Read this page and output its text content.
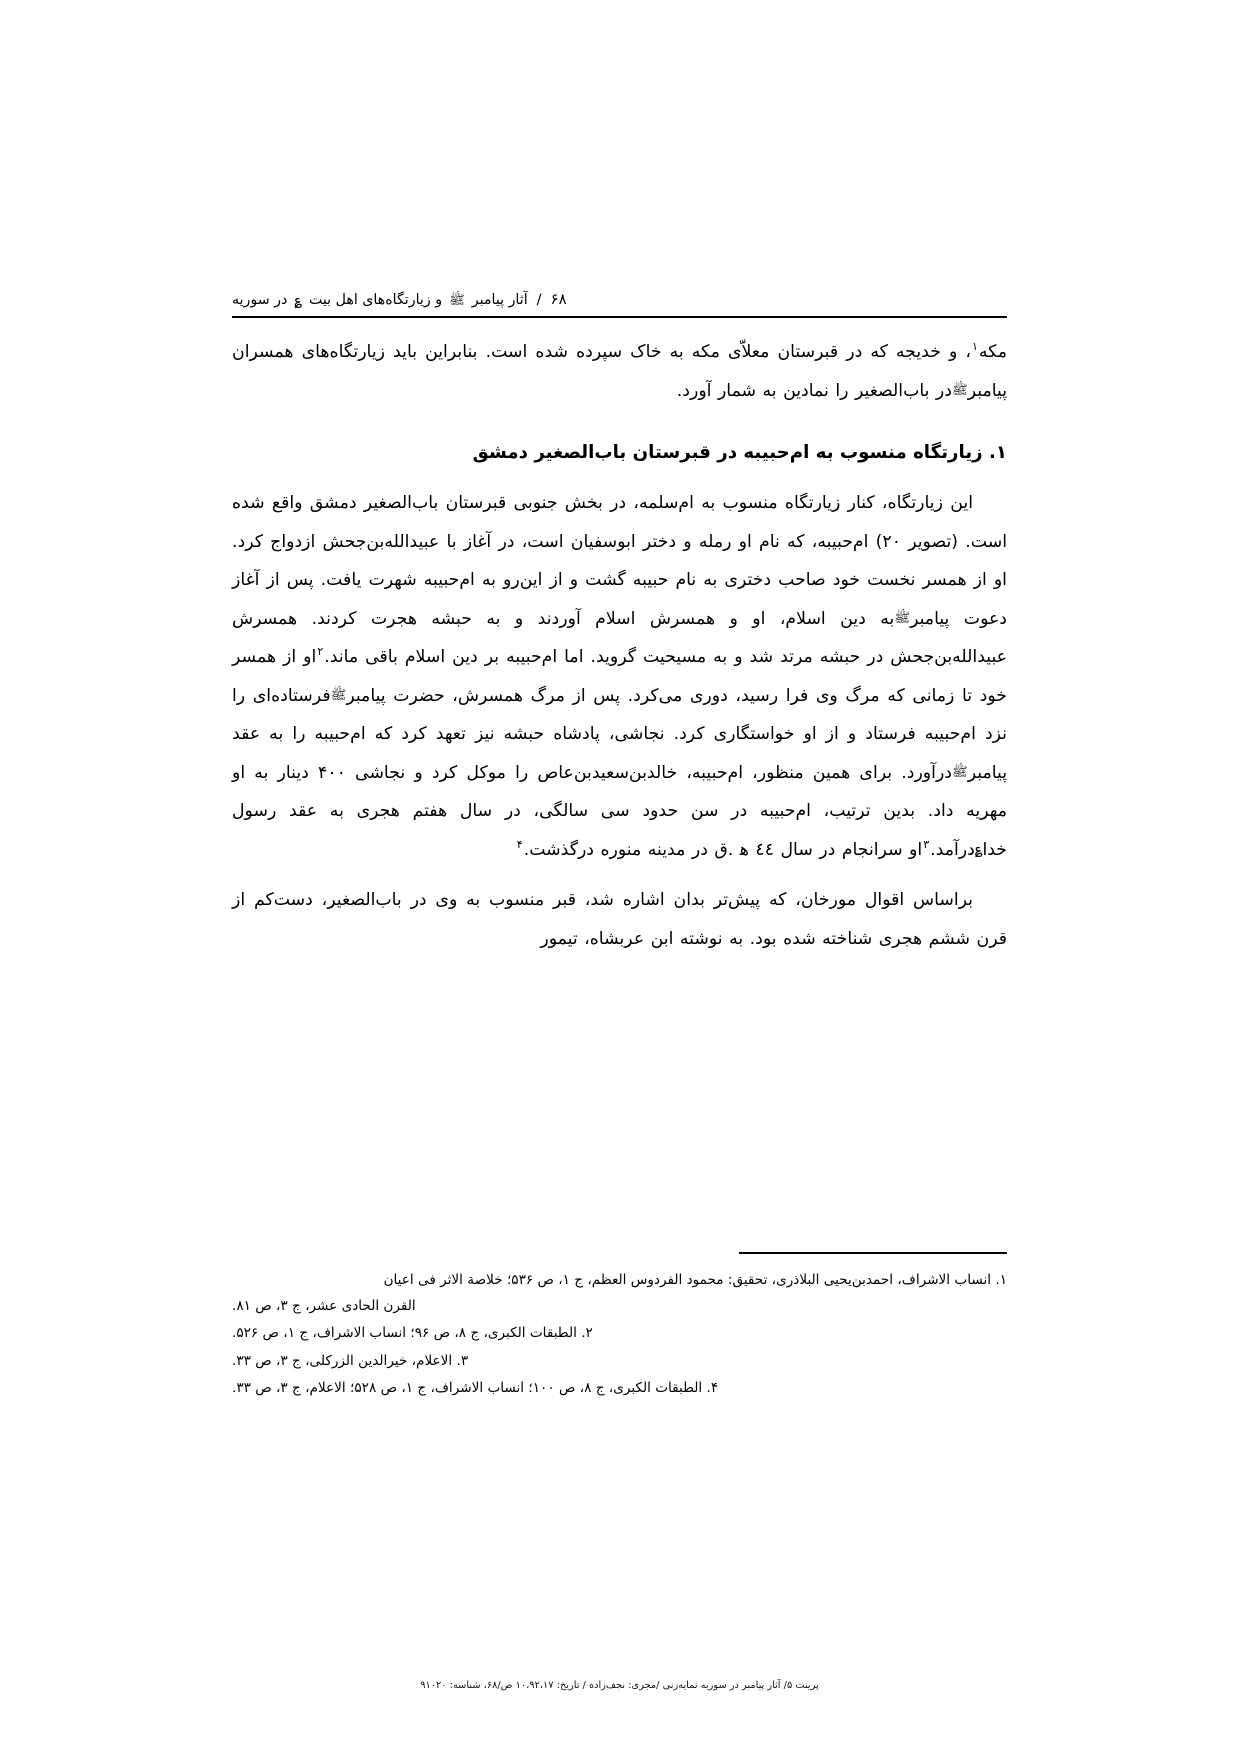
۶۸
/
آثار پیامبر
ﷺ
و زیارتگاه‌های اهل بیت
؏
در سوریه

مکه$^۱$، و خدیجه که در قبرستان معلاّی مکه به خاک سپرده شده است. بنابراین باید زیارتگاه‌های همسران پیامبرﷺدر باب‌الصغیر را نمادین به شمار آورد.

۱. زیارتگاه منسوب به ام‌حبیبه در قبرستان باب‌الصغیر دمشق

این زیارتگاه، کنار زیارتگاه منسوب به ام‌سلمه، در بخش جنوبی قبرستان باب‌الصغیر دمشق واقع شده است. (تصویر ۲۰) ام‌حبیبه، که نام او رمله و دختر ابوسفیان است، در آغاز با عبیدالله‌بن‌جحش ازدواج کرد. او از همسر نخست خود صاحب دختری به نام حبیبه گشت و از این‌رو به ام‌حبیبه شهرت یافت. پس از آغاز دعوت پیامبرﷺبه دین اسلام، او و همسرش اسلام آوردند و به حبشه هجرت کردند. همسرش عبیدالله‌بن‌جحش در حبشه مرتد شد و به مسیحیت گروید. اما ام‌حبیبه بر دین اسلام باقی ماند.$^۲$او از همسر خود تا زمانی که مرگ وی فرا رسید، دوری می‌کرد. پس از مرگ همسرش، حضرت پیامبرﷺفرستاده‌ای را نزد ام‌حبیبه فرستاد و از او خواستگاری کرد. نجاشی، پادشاه حبشه نیز تعهد کرد که ام‌حبیبه را به عقد پیامبرﷺدرآورد. برای همین منظور، ام‌حبیبه، خالدبن‌سعیدبن‌عاص را موکل کرد و نجاشی ۴۰۰ دینار به او مهریه داد. بدین ترتیب، ام‌حبیبه در سن حدود سی سالگی، در سال هفتم هجری به عقد رسول خدا؏درآمد.$^۳$او سرانجام در سال ٤٤ ه‍ .ق در مدینه منوره درگذشت.$^۴$

براساس اقوال مورخان، که پیش‌تر بدان اشاره شد، قبر منسوب به وی در باب‌الصغیر، دست‌کم از قرن ششم هجری شناخته شده بود. به نوشته ابن عربشاه، تیمور

۱. انساب الاشراف، احمدبن‌یحیی البلاذری، تحقیق: محمود الفردوس العظم، ج ۱، ص ۵۳۶؛ خلاصة الاثر فی اعیان
القرن الحادی عشر، ج ۳، ص ۸۱.

۲. الطبقات الکبری، ج ۸، ص ۹۶؛ انساب الاشراف، ج ۱، ص ۵۲۶.

۳. الاعلام، خیرالدین الزرکلی، ج ۳، ص ۳۳.

۴. الطبقات الکبری، ج ۸، ص ۱۰۰؛ انساب الاشراف، ج ۱، ص ۵۲۸؛ الاعلام، ج ۳، ص ۳۳.

پرینت ۵/ آثار پیامبر در سوریه نمایه‌زنی /مجری: نجف‌زاده / تاریخ: ۱۰،۹۲،۱۷ ص/۶۸، شناسه: ۹۱۰۲۰
